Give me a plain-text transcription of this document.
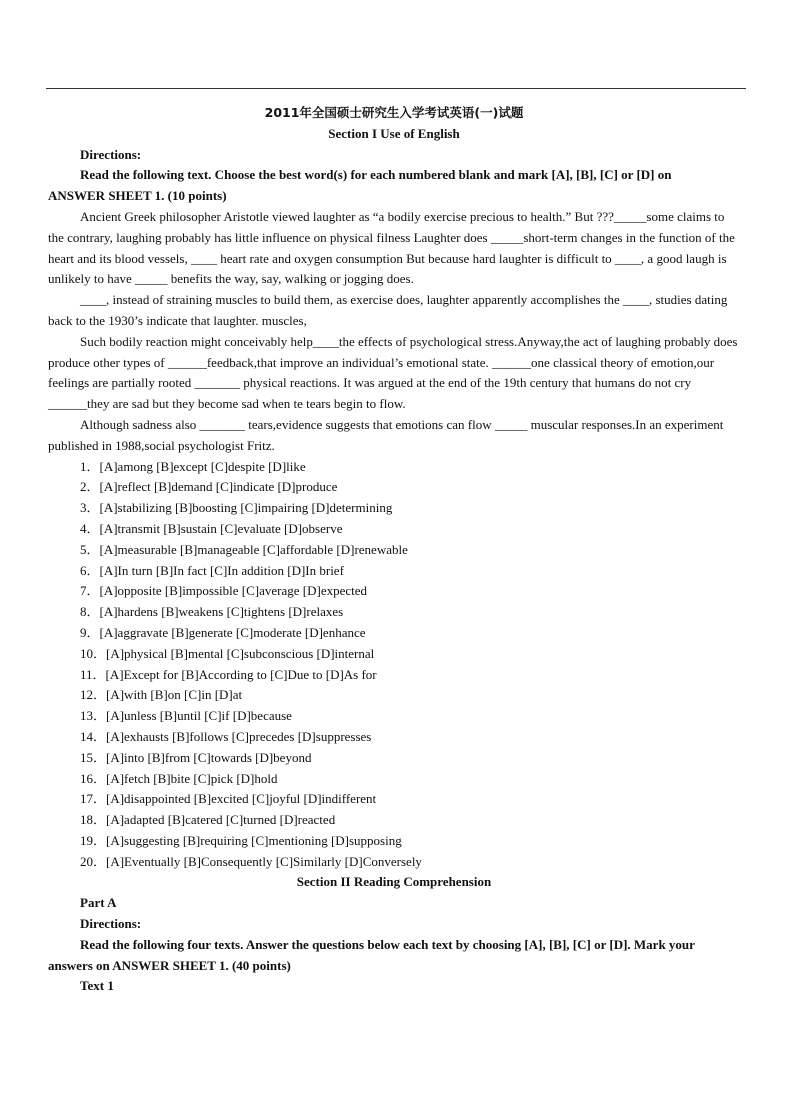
2011年全国硕士研究生入学考试英语(一)试题

Section I Use of English

Directions:

Read the following text. Choose the best word(s) for each numbered blank and mark [A], [B], [C] or [D] on

ANSWER SHEET 1. (10 points)

Ancient Greek philosopher Aristotle viewed laughter as “a bodily exercise precious to health.” But ???_____some claims to the contrary, laughing probably has little influence on physical filness Laughter does _____short-term changes in the function of the heart and its blood vessels, ____ heart rate and oxygen consumption But because hard laughter is difficult to ____, a good laugh is unlikely to have _____ benefits the way, say, walking or jogging does.

____, instead of straining muscles to build them, as exercise does, laughter apparently accomplishes the ____, studies dating back to the 1930’s indicate that laughter. muscles,

Such bodily reaction might conceivably help____the effects of psychological stress.Anyway,the act of laughing probably does produce other types of ______feedback,that improve an individual’s emotional state. ______one classical theory of emotion,our feelings are partially rooted _______ physical reactions. It was argued at the end of the 19th century that humans do not cry ______they are sad but they become sad when te tears begin to flow.

Although sadness also _______ tears,evidence suggests that emotions can flow _____ muscular responses.In an experiment published in 1988,social psychologist Fritz.

1．[A]among [B]except [C]despite [D]like

2．[A]reflect [B]demand [C]indicate [D]produce

3．[A]stabilizing [B]boosting [C]impairing [D]determining

4．[A]transmit [B]sustain [C]evaluate [D]observe

5．[A]measurable [B]manageable [C]affordable [D]renewable

6．[A]In turn [B]In fact [C]In addition [D]In brief

7．[A]opposite [B]impossible [C]average [D]expected

8．[A]hardens [B]weakens [C]tightens [D]relaxes

9．[A]aggravate [B]generate [C]moderate [D]enhance

10．[A]physical [B]mental [C]subconscious [D]internal

11．[A]Except for [B]According to [C]Due to [D]As for

12．[A]with [B]on [C]in [D]at

13．[A]unless [B]until [C]if [D]because

14．[A]exhausts [B]follows [C]precedes [D]suppresses

15．[A]into [B]from [C]towards [D]beyond

16．[A]fetch [B]bite [C]pick [D]hold

17．[A]disappointed [B]excited [C]joyful [D]indifferent

18．[A]adapted [B]catered [C]turned [D]reacted

19．[A]suggesting [B]requiring [C]mentioning [D]supposing

20．[A]Eventually [B]Consequently [C]Similarly [D]Conversely

Section II Reading Comprehension

Part A

Directions:

Read the following four texts. Answer the questions below each text by choosing [A], [B], [C] or [D]. Mark your

answers on ANSWER SHEET 1. (40 points)

Text 1
